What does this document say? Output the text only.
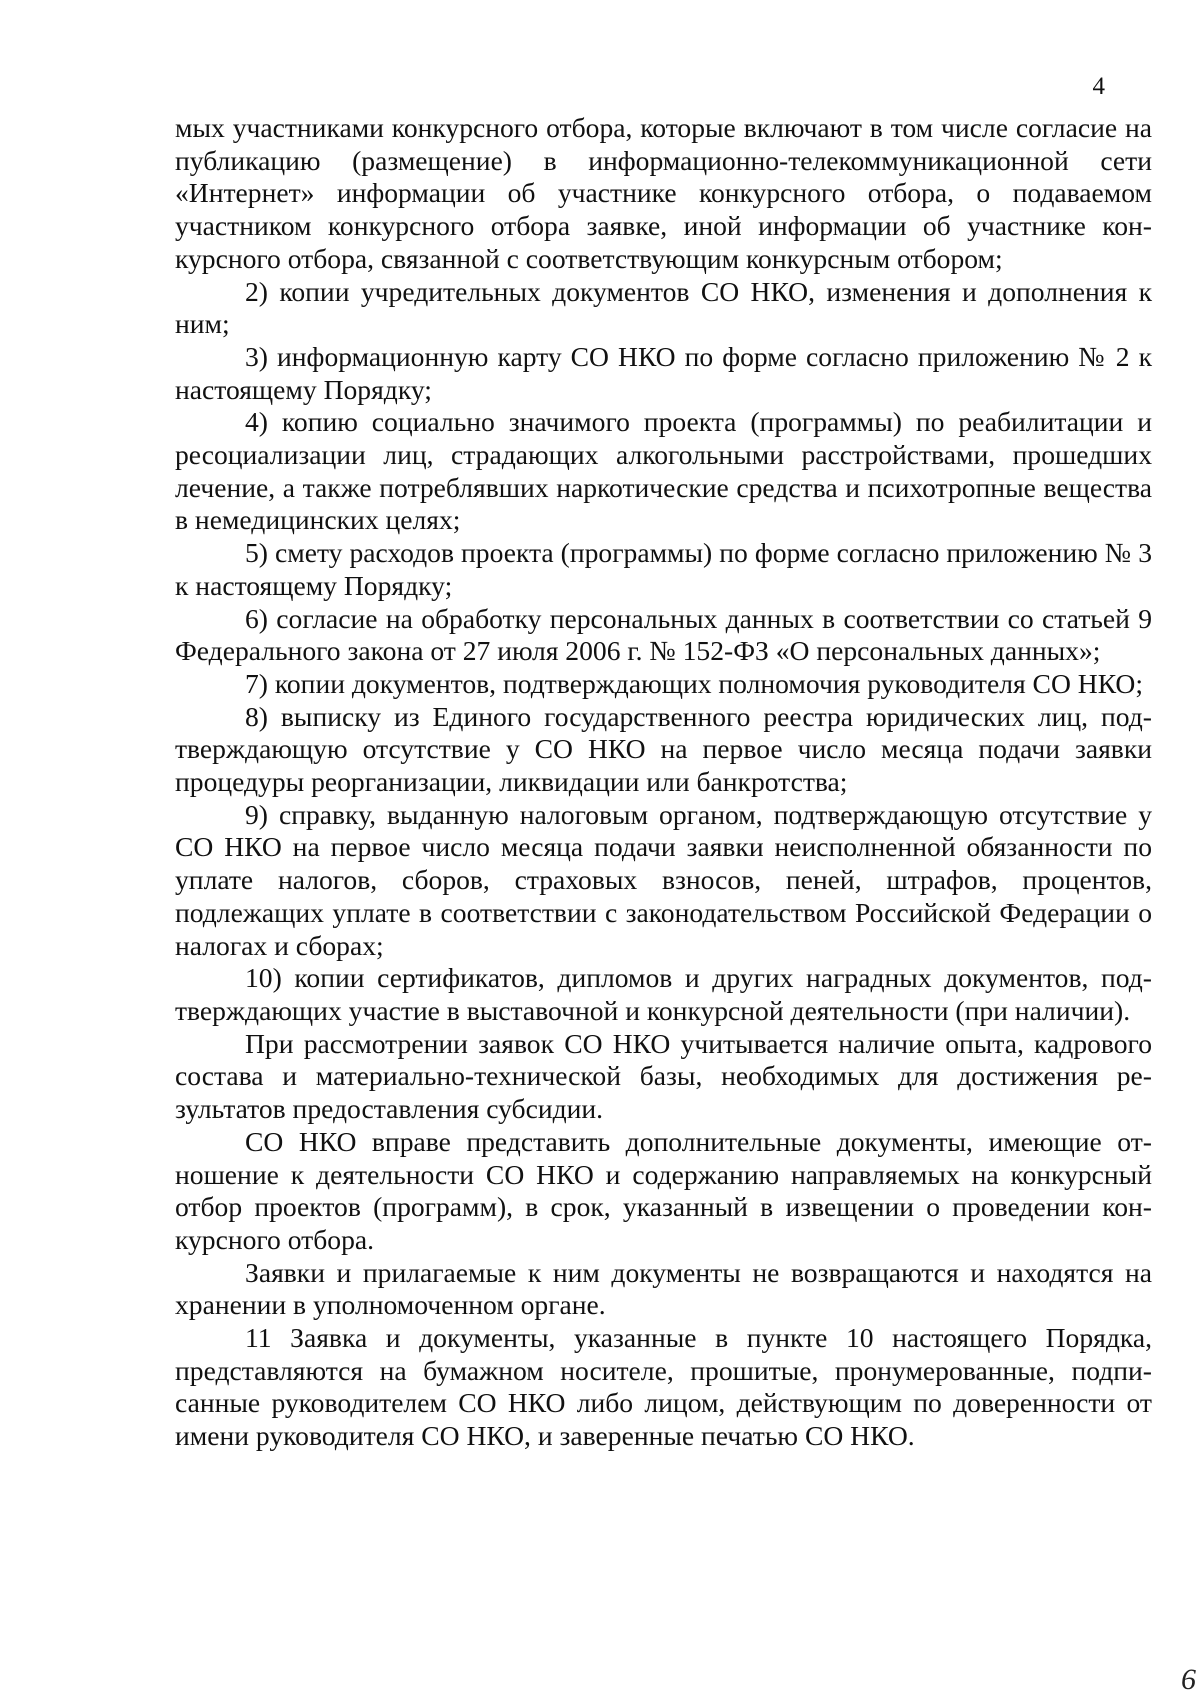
4

мых участниками конкурсного отбора, которые включают в том числе согласие на публикацию (размещение) в информационно-телекоммуникационной сети «Интернет» информации об участнике конкурсного отбора, о подаваемом участником конкурсного отбора заявке, иной информации об участнике конкурсного отбора, связанной с соответствующим конкурсным отбором;

2) копии учредительных документов СО НКО, изменения и дополнения к ним;

3) информационную карту СО НКО по форме согласно приложению № 2 к настоящему Порядку;

4) копию социально значимого проекта (программы) по реабилитации и ресоциализации лиц, страдающих алкогольными расстройствами, прошедших лечение, а также потреблявших наркотические средства и психотропные вещества в немедицинских целях;

5) смету расходов проекта (программы) по форме согласно приложению № 3 к настоящему Порядку;

6) согласие на обработку персональных данных в соответствии со статьей 9 Федерального закона от 27 июля 2006 г. № 152-ФЗ «О персональных данных»;

7) копии документов, подтверждающих полномочия руководителя СО НКО;

8) выписку из Единого государственного реестра юридических лиц, подтверждающую отсутствие у СО НКО на первое число месяца подачи заявки процедуры реорганизации, ликвидации или банкротства;

9) справку, выданную налоговым органом, подтверждающую отсутствие у СО НКО на первое число месяца подачи заявки неисполненной обязанности по уплате налогов, сборов, страховых взносов, пеней, штрафов, процентов, подлежащих уплате в соответствии с законодательством Российской Федерации о налогах и сборах;

10) копии сертификатов, дипломов и других наградных документов, подтверждающих участие в выставочной и конкурсной деятельности (при наличии).

При рассмотрении заявок СО НКО учитывается наличие опыта, кадрового состава и материально-технической базы, необходимых для достижения результатов предоставления субсидии.

СО НКО вправе представить дополнительные документы, имеющие отношение к деятельности СО НКО и содержанию направляемых на конкурсный отбор проектов (программ), в срок, указанный в извещении о проведении конкурсного отбора.

Заявки и прилагаемые к ним документы не возвращаются и находятся на хранении в уполномоченном органе.

11 Заявка и документы, указанные в пункте 10 настоящего Порядка, представляются на бумажном носителе, прошитые, пронумерованные, подписанные руководителем СО НКО либо лицом, действующим по доверенности от имени руководителя СО НКО, и заверенные печатью СО НКО.

6
